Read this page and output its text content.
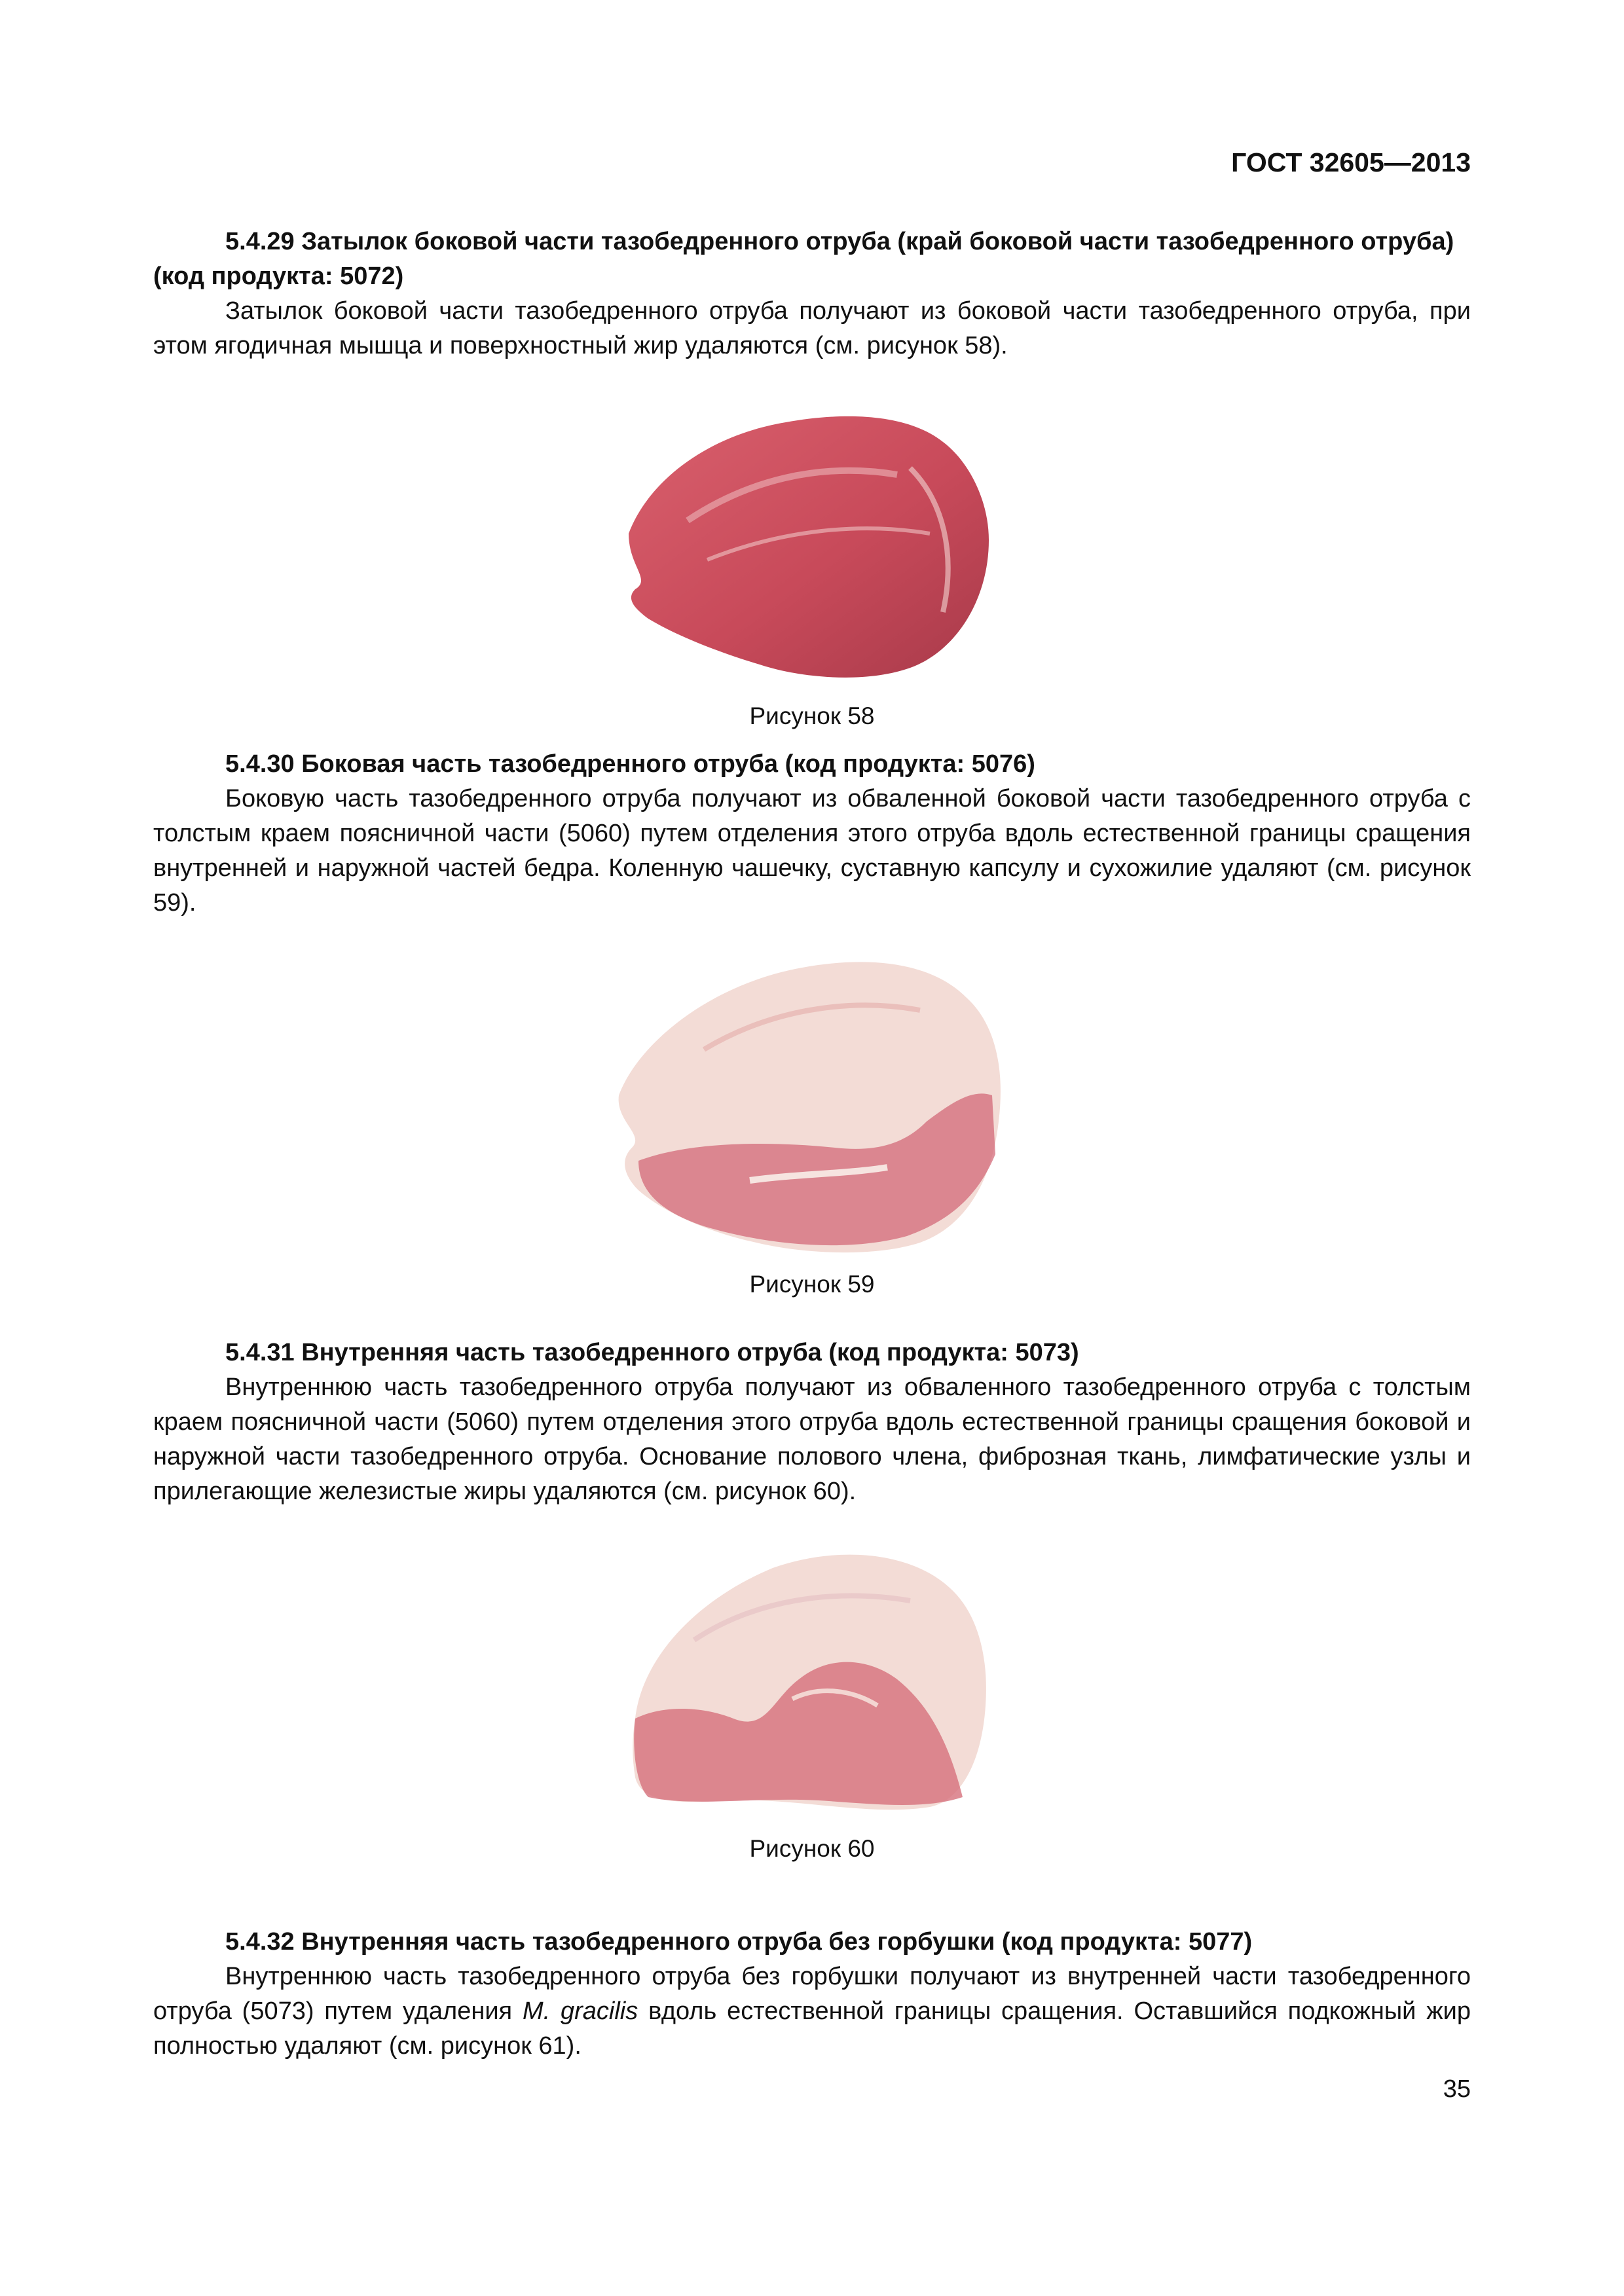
ГОСТ 32605—2013

5.4.29 Затылок боковой части тазобедренного отруба (край боковой части тазобедренного отруба) (код продукта: 5072)

Затылок боковой части тазобедренного отруба получают из боковой части тазобедренного отруба, при этом ягодичная мышца и поверхностный жир удаляются (см. рисунок 58).

Рисунок 58

5.4.30 Боковая часть тазобедренного отруба (код продукта: 5076)

Боковую часть тазобедренного отруба получают из обваленной боковой части тазобедренного отруба с толстым краем поясничной части (5060) путем отделения этого отруба вдоль естественной границы сращения внутренней и наружной частей бедра. Коленную чашечку, суставную капсулу и сухожилие удаляют (см. рисунок 59).

Рисунок 59

5.4.31 Внутренняя часть тазобедренного отруба (код продукта: 5073)

Внутреннюю часть тазобедренного отруба получают из обваленного тазобедренного отруба с толстым краем поясничной части (5060) путем отделения этого отруба вдоль естественной границы сращения боковой и наружной части тазобедренного отруба. Основание полового члена, фиброзная ткань, лимфатические узлы и прилегающие железистые жиры удаляются (см. рисунок 60).

Рисунок 60

5.4.32 Внутренняя часть тазобедренного отруба без горбушки (код продукта: 5077)

Внутреннюю часть тазобедренного отруба без горбушки получают из внутренней части тазобедренного отруба (5073) путем удаления M. gracilis вдоль естественной границы сращения. Оставшийся подкожный жир полностью удаляют (см. рисунок 61).

35
